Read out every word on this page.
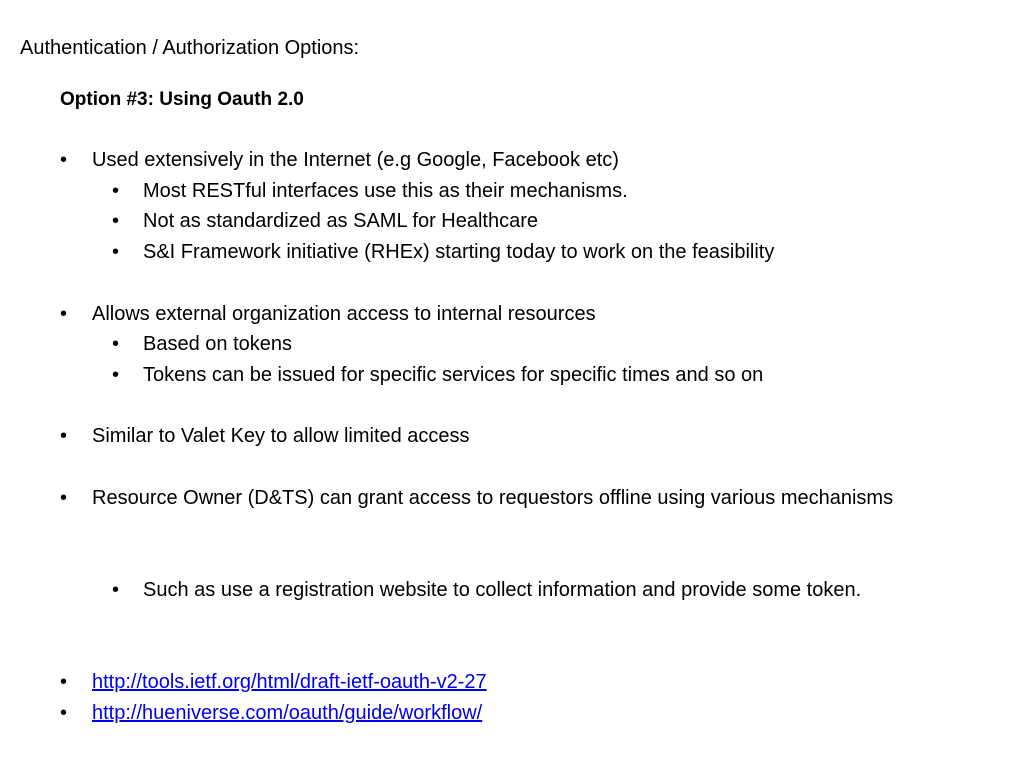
Authentication / Authorization Options:
Option #3: Using Oauth 2.0
• Used extensively in the Internet (e.g Google, Facebook etc)
• Most RESTful interfaces use this as their mechanisms.
• Not as standardized as SAML for Healthcare
• S&I Framework initiative (RHEx) starting today to work on the feasibility
• Allows external organization access to internal resources
• Based on tokens
• Tokens can be issued for specific services for specific times and so on
• Similar to Valet Key to allow limited access
• Resource Owner (D&TS) can grant access to requestors offline using various mechanisms
• Such as use a registration website to collect information and provide some token.
• http://tools.ietf.org/html/draft-ietf-oauth-v2-27
• http://hueniverse.com/oauth/guide/workflow/
